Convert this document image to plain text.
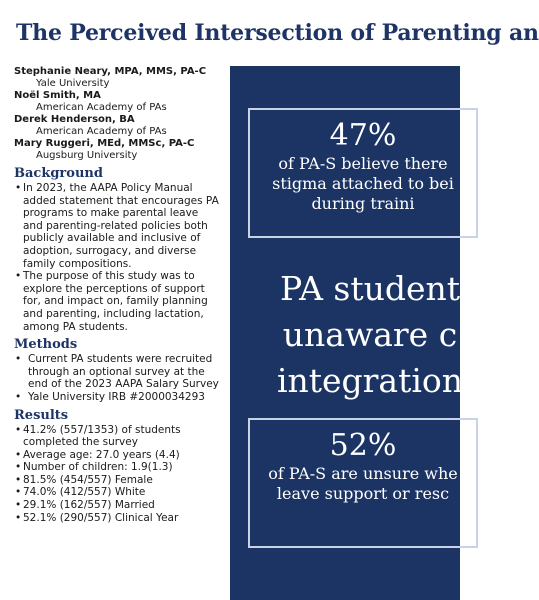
The Perceived Intersection of Parenting an
Stephanie Neary, MPA, MMS, PA-C
Yale University
Noël Smith, MA
American Academy of PAs
Derek Henderson, BA
American Academy of PAs
Mary Ruggeri, MEd, MMSc, PA-C
Augsburg University
Background
• In 2023, the AAPA Policy Manual added statement that encourages PA programs to make parental leave and parenting-related policies both publicly available and inclusive of adoption, surrogacy, and diverse family compositions.
• The purpose of this study was to explore the perceptions of support for, and impact on, family planning and parenting, including lactation, among PA students.
Methods
• Current PA students were recruited through an optional survey at the end of the 2023 AAPA Salary Survey
• Yale University IRB #2000034293
Results
• 41.2% (557/1353) of students completed the survey
• Average age: 27.0 years (4.4)
• Number of children: 1.9(1.3)
• 81.5% (454/557) Female
• 74.0% (412/557) White
• 29.1% (162/557) Married
• 52.1% (290/557) Clinical Year
47%
of PA-S believe there
stigma attached to bei
during traini
PA student
unaware c
integration
52%
of PA-S are unsure whe
leave support or resc
